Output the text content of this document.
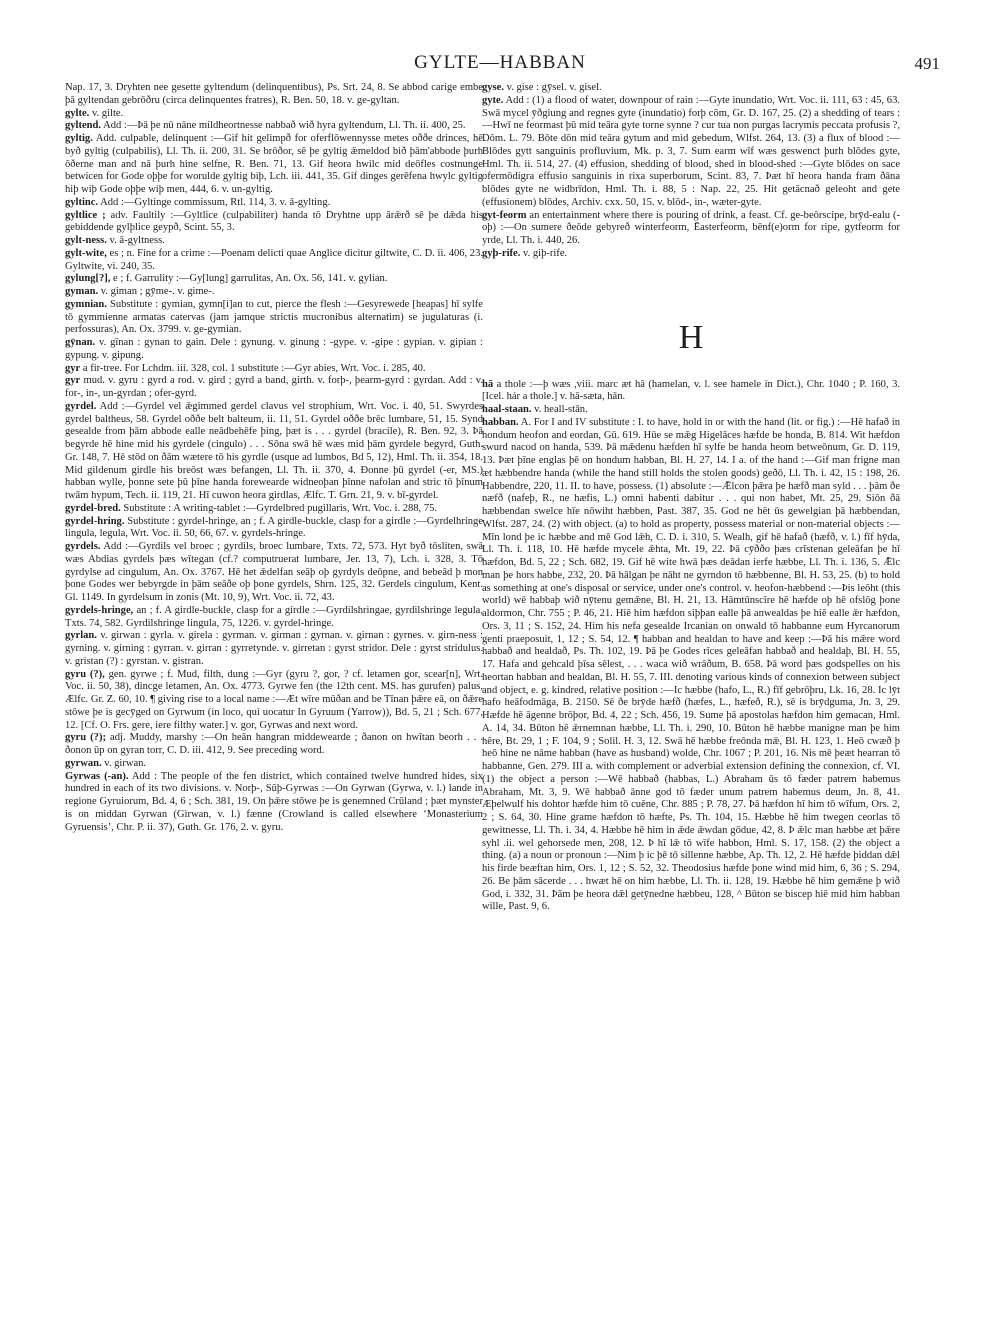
GYLTE—HABBAN	491

Nap. 17, 3. Dryhten nee gesette gyltendum (delinquentibus), Ps. Srt. 24, 8. Se abbod carige embe þā gyltendan gebrōðru (circa delinquentes fratres), R. Ben. 50, 18. v. ge-gyltan.

gylte. v. gilte.

gyltend. Add :—Þā þe nū nāne mildheortnesse nabbað wið hyra gyltendum, Ll. Th. ii. 400, 25.

gyltig. Add. culpable, delinquent :—Gif hit gelimpð for oferflōwennysse metes oððe drinces, hē byð gyltig (culpabilis), Ll. Th. ii. 200, 31. Se brōðor, sē þe gyltig ǣmeldod bið þām'abbode þurh ōðerne man and nā þurh hine selfne, R. Ben. 71, 13. Gif heora hwilc mid deōfles costnunge betwicen for Gode oþþe for worulde gyltig biþ, Lch. iii. 441, 35. Gif dinges gerēfena hwylc gyltig hiþ wiþ Gode oþþe wiþ men, 444, 6. v. un-gyltig.

gyltinc. Add :—Gyltinge commissum, Rtl. 114, 3. v. ā-gylting.

gyltlice ; adv. Faultily :—Gyltlice (culpabiliter) handa tō Dryhtne upp ārǣrð sē þe dǣda his gebiddende gylþlice geypð, Scint. 55, 3.

gylt-ness. v. ā-gyltness.

gylt-wite, es ; n. Fine for a crime :—Poenam delicti quae Anglice dicitur giltwite, C. D. ii. 406, 23. Gyltwite, vi. 240, 35.

gylung[?], e ; f. Garrulity :—Gy[lung] garrulitas, An. Ox. 56, 141. v. gylian.

gyman. v. giman ; gȳme-. v. gime-.

gymnian. Substitute : gymian, gymn[i]an to cut, pierce the flesh :—Gesyrewede [heapas] hī sylfe tō gymmienne armatas catervas (jam jamque strictis mucronibus alternatim) se jugulaturas (i. perfossuras), An. Ox. 3799. v. ge-gymian.

gȳnan. v. gīnan : gynan to gain. Dele : gynung. v. ginung : -gype. v. -gipe : gypian. v. gipian : gypung. v. gipung.

gyr a fir-tree. For Lchdm. iii. 328, col. 1 substitute :—Gyr abies, Wrt. Voc. i. 285, 40.

gyr mud. v. gyru : gyrd a rod. v. gird ; gyrd a band, girth. v. forþ-, þearm-gyrd : gyrdan. Add : v. for-, in-, un-gyrdan ; ofer-gyrd.

gyrdel. Add :—Gyrdel vel ǣgimmed gerdel clavus vel strophium, Wrt. Voc. i. 40, 51. Swyrdes gyrdel baltheus, 58. Gyrdel oððe belt balteum, ii. 11, 51. Gyrdel oððe brēc lumbare, 51, 15. Synd gesealde from þām abbode ealle neādbehēfe þing, þæt is . . . gyrdel (bracile), R. Ben. 92, 3. Þā begyrde hē hine mid his gyrdele (cingulo) . . . Sōna swā hē wæs mid þām gyrdele begyrd, Guth. Gr. 148, 7. Hē stōd on ðām wætere tō his gyrdle (usque ad lumbos, Bd 5, 12), Hml. Th. ii. 354, 18. Mid gildenum girdle his breōst wæs befangen, Ll. Th. ii. 370, 4. Ðonne þū gyrdel (-er, MS.) habban wylle, þonne sete þū þīne handa forewearde widneoþan þīnne nafolan and stric tō þīnum twām hypum, Tech. ii. 119, 21. Hī cuwon heora girdlas, Ælfc. T. Grn. 21, 9. v. bī-gyrdel.

gyrdel-bred. Substitute : A writing-tablet :—Gyrdelbred pugillaris, Wrt. Voc. i. 288, 75.

gyrdel-hring. Substitute : gyrdel-hringe, an ; f. A girdle-buckle, clasp for a girdle :—Gyrdelhringe lingula, legula, Wrt. Voc. ii. 50, 66, 67. v. gyrdels-hringe.

gyrdels. Add :—Gyrdils vel broec ; gyrdils, broec lumbare, Txts. 72, 573. Hyt byð tōsliten, swā wæs Abdias gyrdels þæs wītegan (cf.? computruerat lumbare, Jer. 13, 7), Lch. i. 328, 3. Tō gyrdylse ad cingulum, An. Ox. 3767. Hē het ǣdelfan seāþ oþ gyrdyls deōpne, and bebeād þ mon þone Godes wer bebyrgde in þām seāðe oþ þone gyrdels, Shrn. 125, 32. Gerdels cingulum, Kent. Gl. 1149. In gyrdelsum in zonis (Mt. 10, 9), Wrt. Voc. ii. 72, 43.

gyrdels-hringe, an ; f. A girdle-buckle, clasp for a girdle :—Gyrdilshringae, gyrdilshringe legula, Txts. 74, 582. Gyrdilshringe lingula, 75, 1226. v. gyrdel-hringe.

gyrlan. v. girwan : gyrla. v. girela : gyrman. v. girman : gyrnan. v. girnan : gyrnes. v. girn-ness : gyrning. v. girning : gyrran. v. girran : gyrretynde. v. girretan : gyrst stridor. Dele : gyrst stridulus. v. gristan (?) : gyrstan. v. gistran.

gyru (?), gen. gyrwe ; f. Mud, filth, dung :—Gyr (gyru ?, gor, ? cf. letamen gor, scear[n], Wrt. Voc. ii. 50, 38), dincge letamen, An. Ox. 4773. Gyrwe fen (the 12th cent. MS. has gurufen) palus, Ælfc. Gr. Z. 60, 10. ¶ giving rise to a local name :—Æt wīre mūðan and be Tīnan þǣre eā, on ðǣre stōwe þe is gecȳged on Gyrwum (in loco, qui uocatur In Gyruum (Yarrow)), Bd. 5, 21 ; Sch. 677, 12. [Cf. O. Frs. gere, iere filthy water.] v. gor, Gyrwas and next word.

gyru (?); adj. Muddy, marshy :—On heān hangran middewearde ; ðanon on hwītan beorh . . . ðonon ūp on gyran torr, C. D. iii. 412, 9. See preceding word.

gyrwan. v. girwan.

Gyrwas (-an). Add : The people of the fen district, which contained twelve hundred hides, six hundred in each of its two divisions. v. Norþ-, Sūþ-Gyrwas :—On Gyrwan (Gyrwa, v. l.) lande in regione Gyruiorum, Bd. 4, 6 ; Sch. 381, 19. On þǣre stōwe þe is genemned Crūland ; þæt mynster is on middan Gyrwan (Girwan, v. l.) fænne (Crowland is called elsewhere ‘Monasterium Gyruensis’, Chr. P. ii. 37), Guth. Gr. 176, 2. v. gyru.

gyse. v. gise : gȳsel. v. gisel.

gyte. Add : (1) a flood of water, downpour of rain :—Gyte inundatio, Wrt. Voc. ii. 111, 63 : 45, 63. Swā mycel ȳðgiung and regnes gyte (inundatio) forþ cōm, Gr. D. 167, 25. (2) a shedding of tears :—Hwī ne feormast þū mid teāra gyte torne synne ? cur tua non purgas lacrymis peccata profusis ?, Dōm. L. 79. Bōte dōn mid teāra gytum and mid gebedum, Wlfst. 264, 13. (3) a flux of blood :—Blōdes gytt sanguinis profluvium, Mk. p. 3, 7. Sum earm wīf wæs geswenct þurh blōdes gyte, Hml. Th. ii. 514, 27. (4) effusion, shedding of blood, shed in blood-shed :—Gyte blōdes on sace ofermōdigra effusio sanguinis in rixa superborum, Scint. 83, 7. Þæt hī heora handa fram ðāna blōdes gyte ne widbrīdon, Hml. Th. i. 88, 5 : Nap. 22, 25. Hit getācnað geleoht and gete (effusionem) blōdes, Archiv. cxx. 50, 15. v. blōd-, in-, wæter-gyte.

gyt-feorm an entertainment where there is pouring of drink, a feast. Cf. ge-beōrscipe, brȳd-ealu (-oþ) :—On sumere ðeōde gebyreð winterfeorm, Ēasterfeorm, bēnf(e)orm for ripe, gytfeorm for yrde, Ll. Th. i. 440, 26.

gyþ-rife. v. giþ-rife.

H

hā a thole :—þ wæs ,viii. marc æt hā (hamelan, v. l. see hamele in Dict.), Chr. 1040 ; P. 160, 3. [Icel. hár a thole.] v. hā-sæta, hān.

haal-staan. v. heall-stān.

habban. A. For I and IV substitute : I. to have, hold in or with the hand (lit. or fig.) :—Hē hafað in hondum heofon and eordan, Gū. 619. Hūe se mǣg Higelāces hæfde be honda, B. 814. Wit hæfdon swurd nacod on handa, 539. Þā mǣdenu hæfden hī sylfe be handa heom betweōnum, Gr. D. 119, 13. Þæt þīne englas þē on hondum habban, Bl. H. 27, 14. I a. of the hand :—Gif man frigne man æt hæbbendre handa (while the hand still holds the stolen goods) geðō, Ll. Th. i. 42, 15 : 198, 26. Habbendre, 220, 11. II. to have, possess. (1) absolute :—Ǣlcon þǣra þe hæfð man syld . . . þām ðe næfð (nafeþ, R., ne hæfis, L.) omni habenti dabitur . . . qui non habet, Mt. 25, 29. Siōn ðā hæbbendan swelce hīe nōwiht hæbben, Past. 387, 35. God ne hēt ūs gewelgian þā hæbbendan, Wlfst. 287, 24. (2) with object. (a) to hold as property, possess material or non-material objects :—Mīn lond þe ic hæbbe and mē God lǣh, C. D. i. 310, 5. Wealh, gif hē hafað (hæfð, v. l.) fīf hȳda, Ll. Th. i. 118, 10. Hē hæfde mycele ǣhta, Mt. 19, 22. Þā cȳððo þæs crīstenan geleāfan þe hī hæfdon, Bd. 5, 22 ; Sch. 682, 19. Gif hē wite hwā þæs deādan ierfe hæbbe, Ll. Th. i. 136, 5. Ǣlc man þe hors habbe, 232, 20. Þā hālgan þe nāht ne gyrndon tō hæbbenne, Bl. H. 53, 25. (b) to hold as something at one's disposal or service, under one's control. v. heofon-hæbbend :—Þis leōht (this world) wē habbaþ wið nȳtenu gemǣne, Bl. H. 21, 13. Hāmtūnscīre hē hæfde oþ hē ofslōg þone aldormon, Chr. 755 ; P. 46, 21. Hiē him hæfdon siþþan ealle þā anwealdas þe hiē ealle ǣr hæfdon, Ors. 3, 11 ; S. 152, 24. Him his nefa gesealde Ircanian on onwald tō habbanne eum Hyrcanorum genti praeposuit, 1, 12 ; S. 54, 12. ¶ habban and healdan to have and keep :—Þā his mǣre word habbað and healdað, Ps. Th. 102, 19. Þā þe Godes rīces geleāfan habbað and healdaþ, Bl. H. 55, 17. Hafa and gehcald þīsa sēlest, . . . waca wið wrāðum, B. 658. Þā word þæs godspelles on his heortan habban and healdan, Bl. H. 55, 7. III. denoting various kinds of connexion between subject and object, e. g. kindred, relative position :—Ic hæbbe (hafo, L., R.) fīf gebrōþru, Lk. 16, 28. Ic lȳt hafo heāfodmāga, B. 2150. Sē ðe brȳde hæfð (hæfes, L., hæfeð, R.), sē is brȳdguma, Jn. 3, 29. Hæfde hē āgenne brōþor, Bd. 4, 22 ; Sch. 456, 19. Sume þā apostolas hæfdon him gemacan, Hml. A. 14, 34. Būton hē ǣrnemnan hæbbe, Ll. Th. i. 290, 10. Būton hē hæbbe manigne man þe him hēre, Bt. 29, 1 ; F. 104, 9 ; Solil. H. 3, 12. Swā hē hæbbe freōnda mǣ, Bl. H. 123, 1. Heō cwæð þ heō hine ne nāme habban (have as husband) wolde, Chr. 1067 ; P. 201, 16. Nis mē þeæt hearran tō habbanne, Gen. 279. III a. with complement or adverbial extension defining the connexion, cf. VI. (1) the object a person :—Wē habbað (habbas, L.) Abraham ūs tō fæder patrem habemus Abraham, Mt. 3, 9. Wē habbað ānne god tō fæder unum patrem habemus deum, Jn. 8, 41. Æþelwulf his dohtor hæfde him tō cuēne, Chr. 885 ; P. 78, 27. Þā hæfdon hī him tō wīfum, Ors. 2, 2 ; S. 64, 30. Hine grame hæfdon tō hæfte, Ps. Th. 104, 15. Hæbbe hē him twegen ceorlas tō gewitnesse, Ll. Th. i. 34, 4. Hæbbe hē him in ǣde ǣwdan gōdue, 42, 8. Þ ǣlc man hæbbe æt þǣre syhl .ii. wel gehorsede men, 208, 12. Þ hī lǣ tō wīfe habbon, Hml. S. 17, 158. (2) the object a thing. (a) a noun or pronoun :—Nim þ ic þē tō sillenne hæbbe, Ap. Th. 12, 2. Hē hæfde þiddan dǣl his firde beæftan him, Ors. 1, 12 ; S. 52, 32. Theodosius hæfde þone wind mid him, 6, 36 ; S. 294, 26. Be þām sācerde . . . hwæt hē on him hæbbe, Ll. Th. ii. 128, 19. Hæbbe hē him gemǣne þ wið God, i. 332, 31. Þām þe heora dǣl getȳnedne hæbbeu, 128, ^ Būton se biscep hiē mid him habban wille, Past. 9, 6.
